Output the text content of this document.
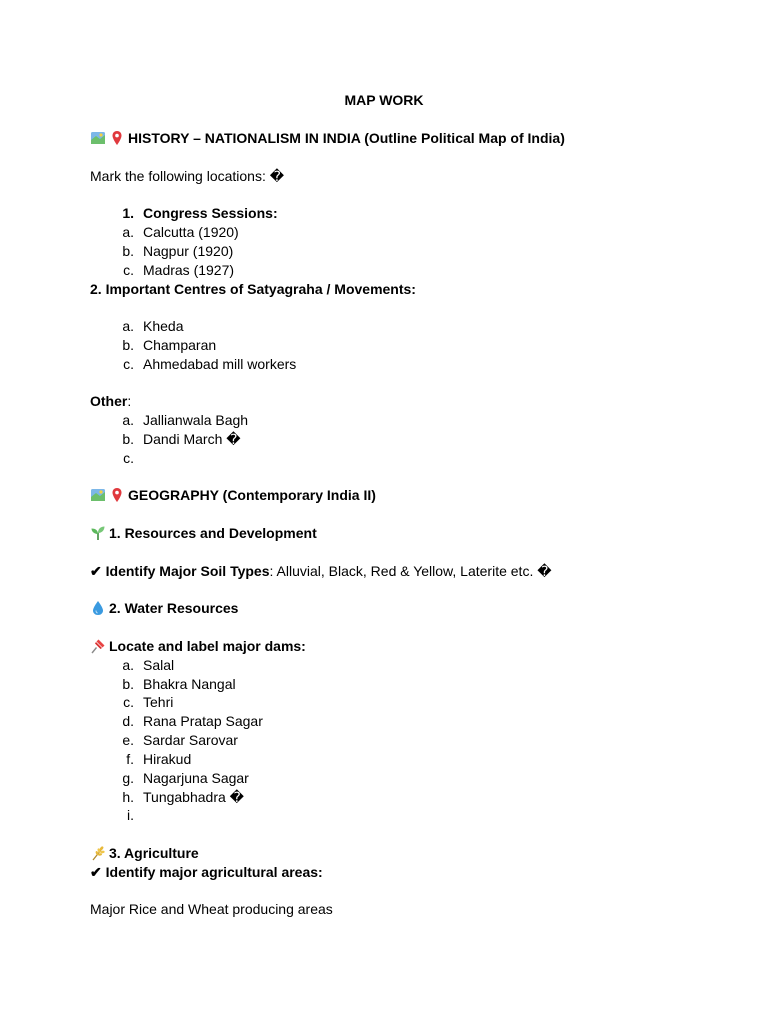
MAP WORK
HISTORY – NATIONALISM IN INDIA (Outline Political Map of India)
Mark the following locations: �
1. Congress Sessions:
a. Calcutta (1920)
b. Nagpur (1920)
c. Madras (1927)
2. Important Centres of Satyagraha / Movements:
a. Kheda
b. Champaran
c. Ahmedabad mill workers
Other:
a. Jallianwala Bagh
b. Dandi March �
c.
GEOGRAPHY (Contemporary India II)
1. Resources and Development
✔ Identify Major Soil Types: Alluvial, Black, Red & Yellow, Laterite etc. �
2. Water Resources
Locate and label major dams:
a. Salal
b. Bhakra Nangal
c. Tehri
d. Rana Pratap Sagar
e. Sardar Sarovar
f. Hirakud
g. Nagarjuna Sagar
h. Tungabhadra �
i.
3. Agriculture
✔ Identify major agricultural areas:
Major Rice and Wheat producing areas
